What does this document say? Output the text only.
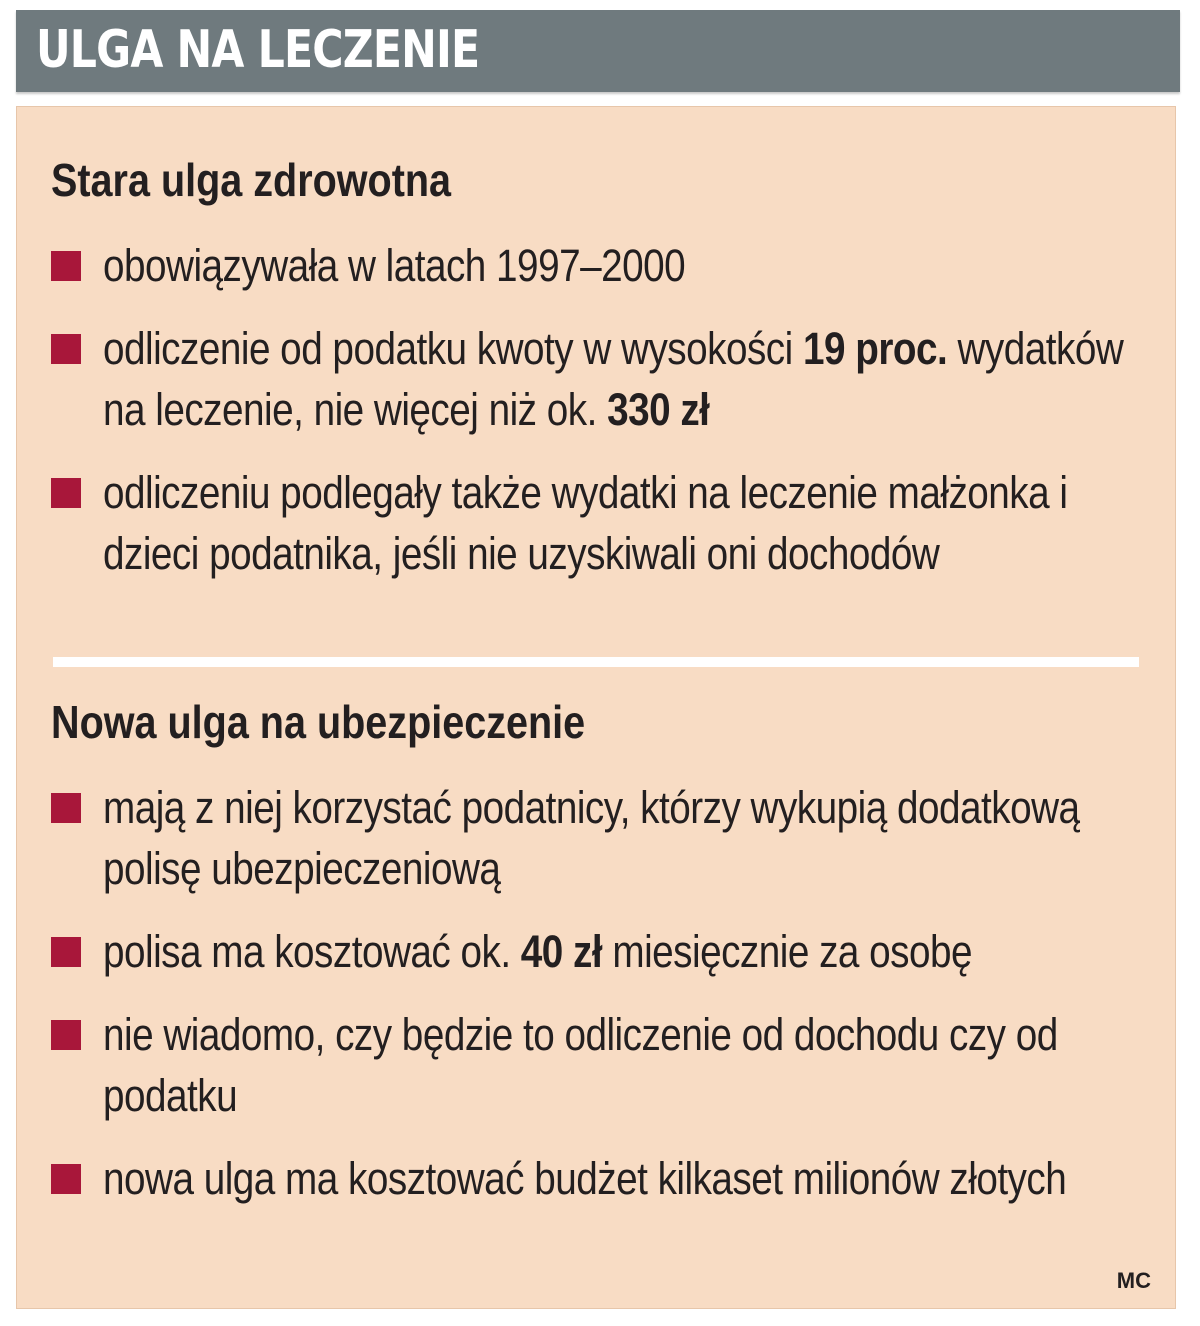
ULGA NA LECZENIE
Stara ulga zdrowotna
obowiązywała w latach 1997–2000
odliczenie od podatku kwoty w wysokości 19 proc. wydatków na leczenie, nie więcej niż ok. 330 zł
odliczeniu podlegały także wydatki na leczenie małżonka i dzieci podatnika, jeśli nie uzyskiwali oni dochodów
Nowa ulga na ubezpieczenie
mają z niej korzystać podatnicy, którzy wykupią dodatkową polisę ubezpieczeniową
polisa ma kosztować ok. 40 zł miesięcznie za osobę
nie wiadomo, czy będzie to odliczenie od dochodu czy od podatku
nowa ulga ma kosztować budżet kilkaset milionów złotych
MC
